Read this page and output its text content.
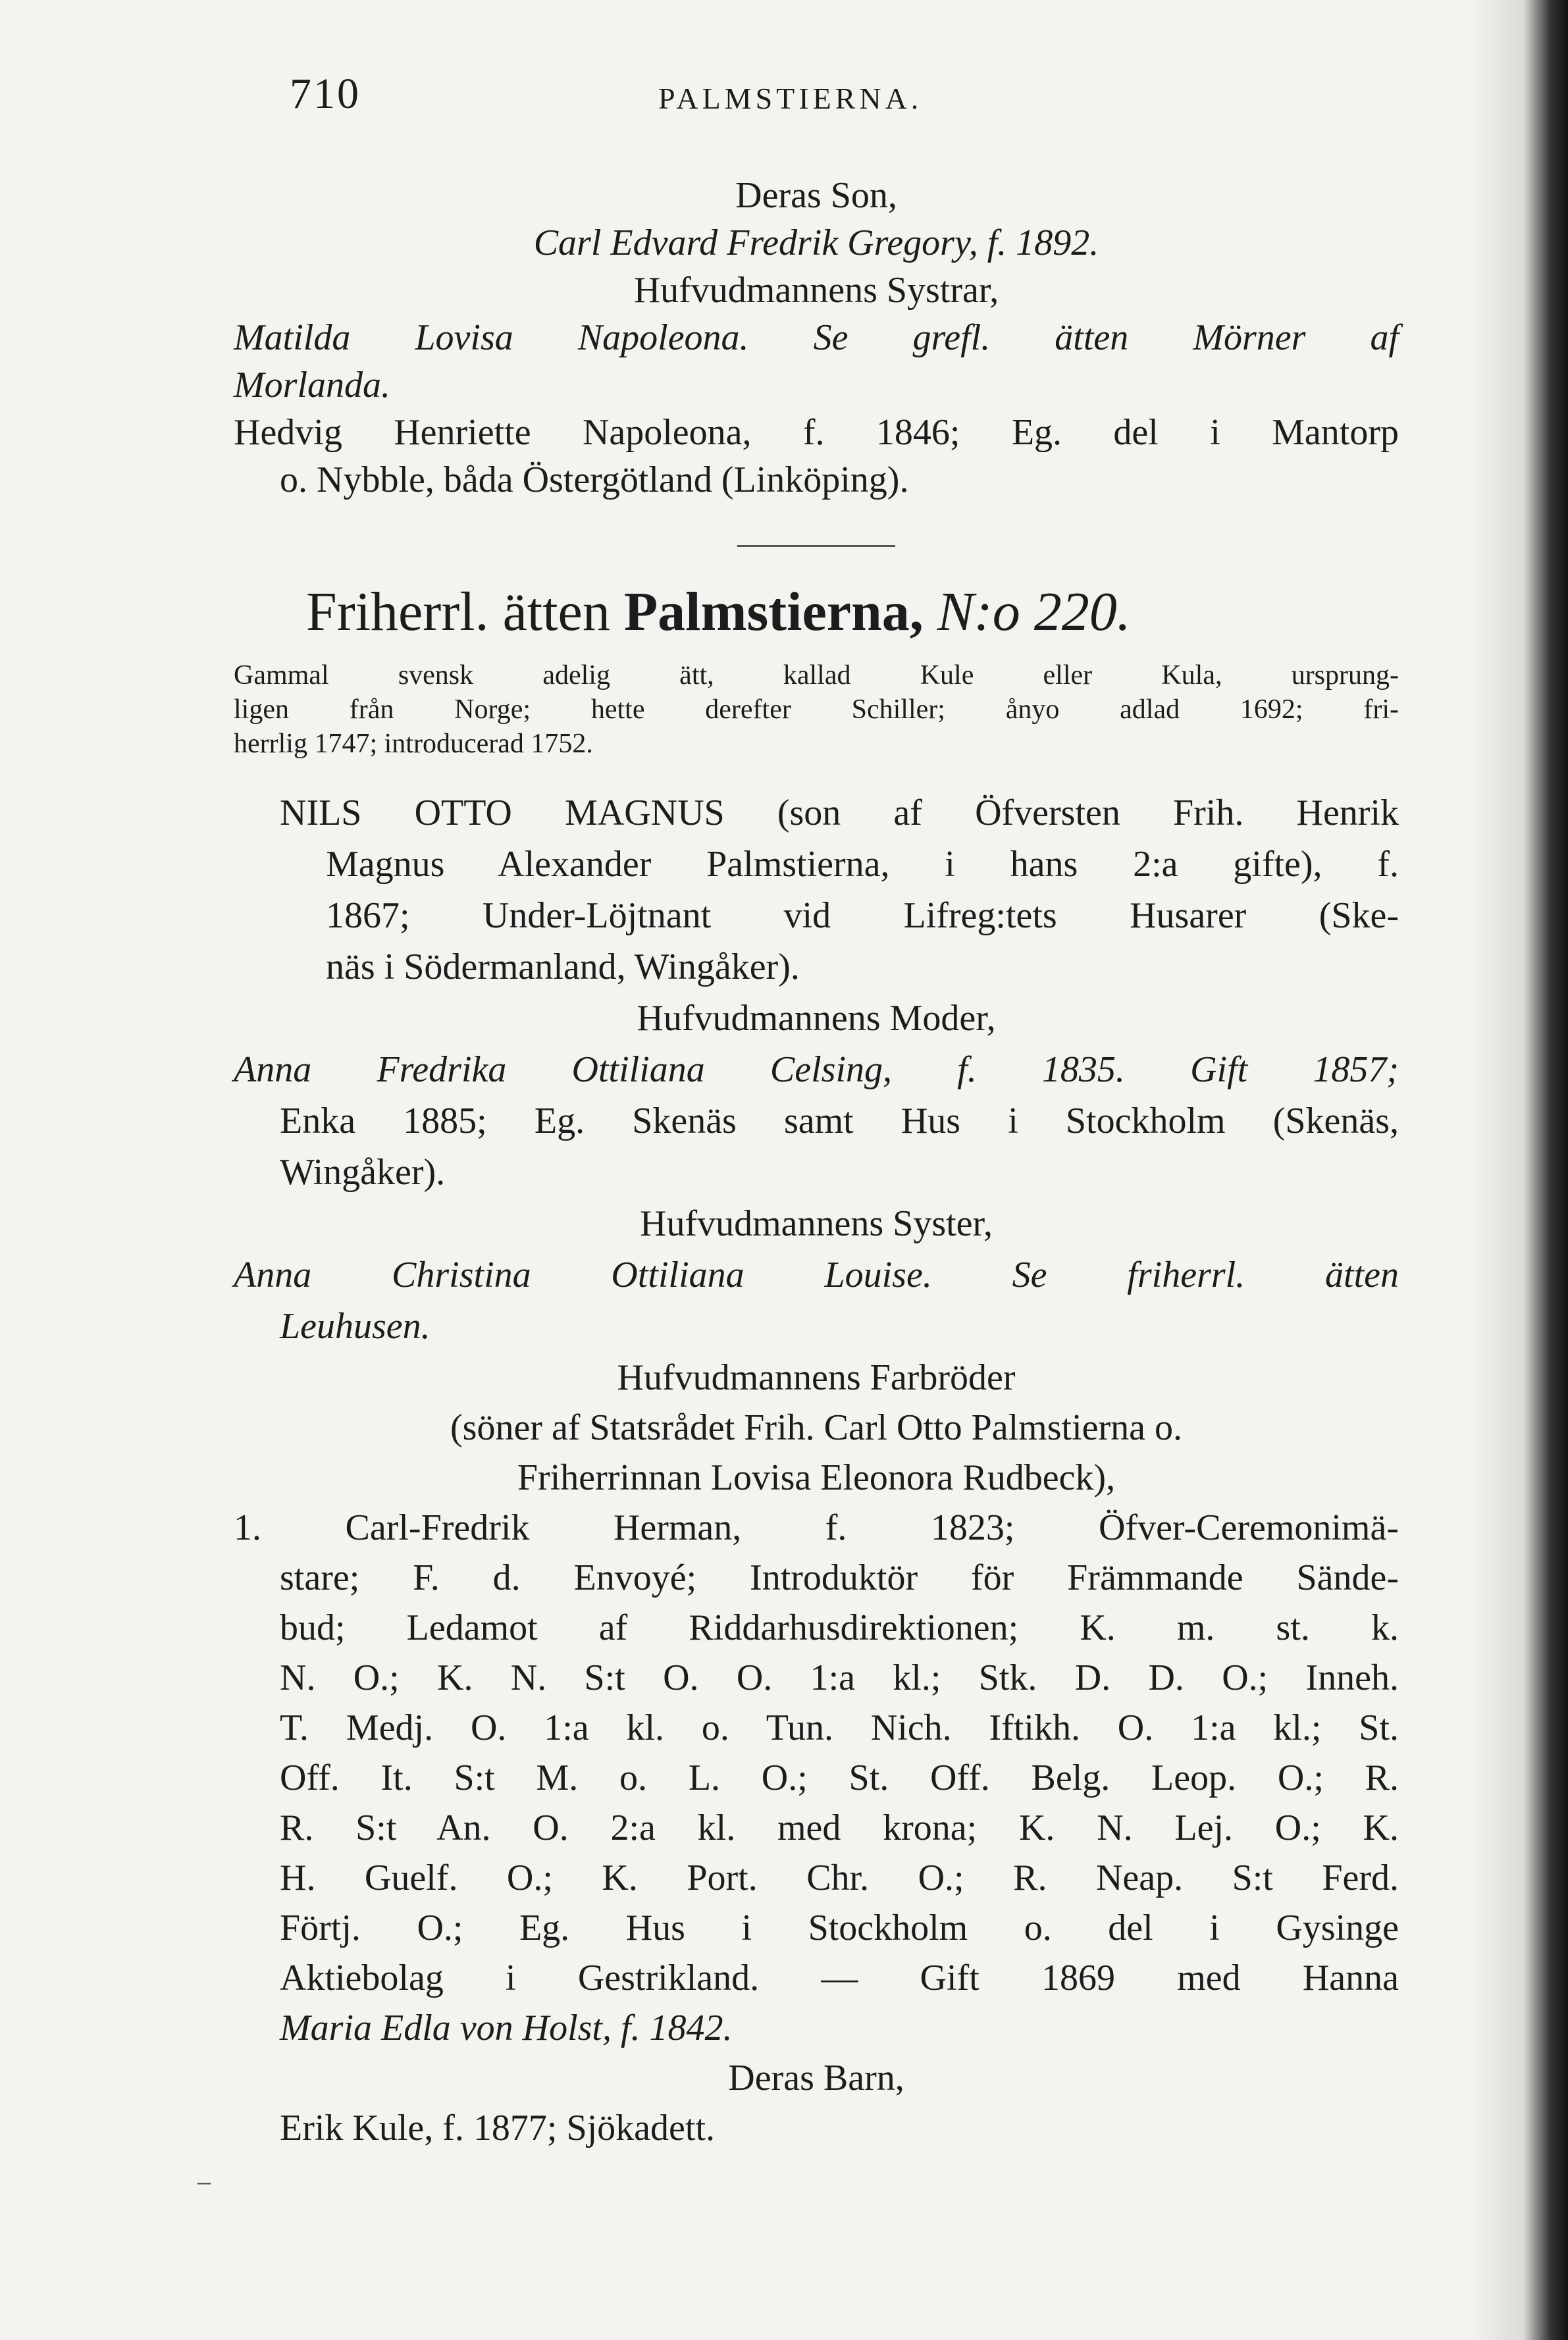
710	PALMSTIERNA.
Deras Son,
Carl Edvard Fredrik Gregory, f. 1892.
Hufvudmannens Systrar,
Matilda Lovisa Napoleona. Se grefl. ätten Mörner af
Morlanda.
Hedvig Henriette Napoleona, f. 1846; Eg. del i Mantorp
o. Nybble, båda Östergötland (Linköping).
Friherrl. ätten Palmstierna, N:o 220.
Gammal svensk adelig ätt, kallad Kule eller Kula, ursprung-
ligen från Norge; hette derefter Schiller; ånyo adlad 1692; fri-
herrlig 1747; introducerad 1752.
NILS OTTO MAGNUS (son af Öfversten Frih. Henrik
Magnus Alexander Palmstierna, i hans 2:a gifte), f.
1867; Under-Löjtnant vid Lifreg:tets Husarer (Ske-
näs i Södermanland, Wingåker).
Hufvudmannens Moder,
Anna Fredrika Ottiliana Celsing, f. 1835. Gift 1857;
Enka 1885; Eg. Skenäs samt Hus i Stockholm (Skenäs,
Wingåker).
Hufvudmannens Syster,
Anna Christina Ottiliana Louise. Se friherrl. ätten
Leuhusen.
Hufvudmannens Farbröder
(söner af Statsrådet Frih. Carl Otto Palmstierna o.
Friherrinnan Lovisa Eleonora Rudbeck),
1. Carl-Fredrik Herman, f. 1823; Öfver-Ceremonimä-
stare; F. d. Envoyé; Introduktör för Främmande Sände-
bud; Ledamot af Riddarhusdirektionen; K. m. st. k.
N. O.; K. N. S:t O. O. 1:a kl.; Stk. D. D. O.; Inneh.
T. Medj. O. 1:a kl. o. Tun. Nich. Iftikh. O. 1:a kl.; St.
Off. It. S:t M. o. L. O.; St. Off. Belg. Leop. O.; R.
R. S:t An. O. 2:a kl. med krona; K. N. Lej. O.; K.
H. Guelf. O.; K. Port. Chr. O.; R. Neap. S:t Ferd.
Förtj. O.; Eg. Hus i Stockholm o. del i Gysinge
Aktiebolag i Gestrikland. — Gift 1869 med Hanna
Maria Edla von Holst, f. 1842.
Deras Barn,
Erik Kule, f. 1877; Sjökadett.
–
